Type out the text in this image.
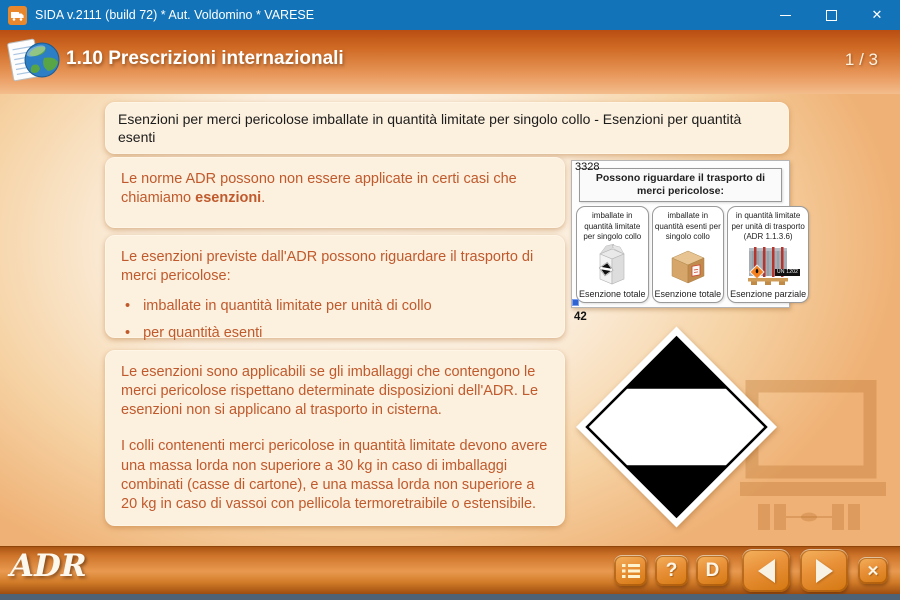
SIDA v.2111 (build 72) * Aut. Voldomino * VARESE	✕
1.10 Prescrizioni internazionali	1 / 3
Esenzioni per merci pericolose imballate in quantità limitate per singolo collo - Esenzioni per quantità esenti

Le norme ADR possono non essere applicate in certi casi che chiamiamo esenzioni.

Le esenzioni previste dall'ADR possono riguardare il trasporto di merci pericolose:

• imballate in quantità limitate per unità di collo
• per quantità esenti

Le esenzioni sono applicabili se gli imballaggi che contengono le merci pericolose rispettano determinate disposizioni dell'ADR. Le esenzioni non si applicano al trasporto in cisterna.

I colli contenenti merci pericolose in quantità limitate devono avere una massa lorda non superiore a 30 kg in caso di imballaggi combinati (casse di cartone), e una massa lorda non superiore a 20 kg in caso di vassoi con pellicola termoretraibile o estensibile.

3328
Possono riguardare il trasporto di merci pericolose:
imballate in quantità limitate per singolo collo
Esenzione totale
imballate in quantità esenti per singolo collo
Esenzione totale
in quantità limitate per unità di trasporto (ADR 1.1.3.6)
UN 1202
Esenzione parziale
42
ADR	?	D	✕
